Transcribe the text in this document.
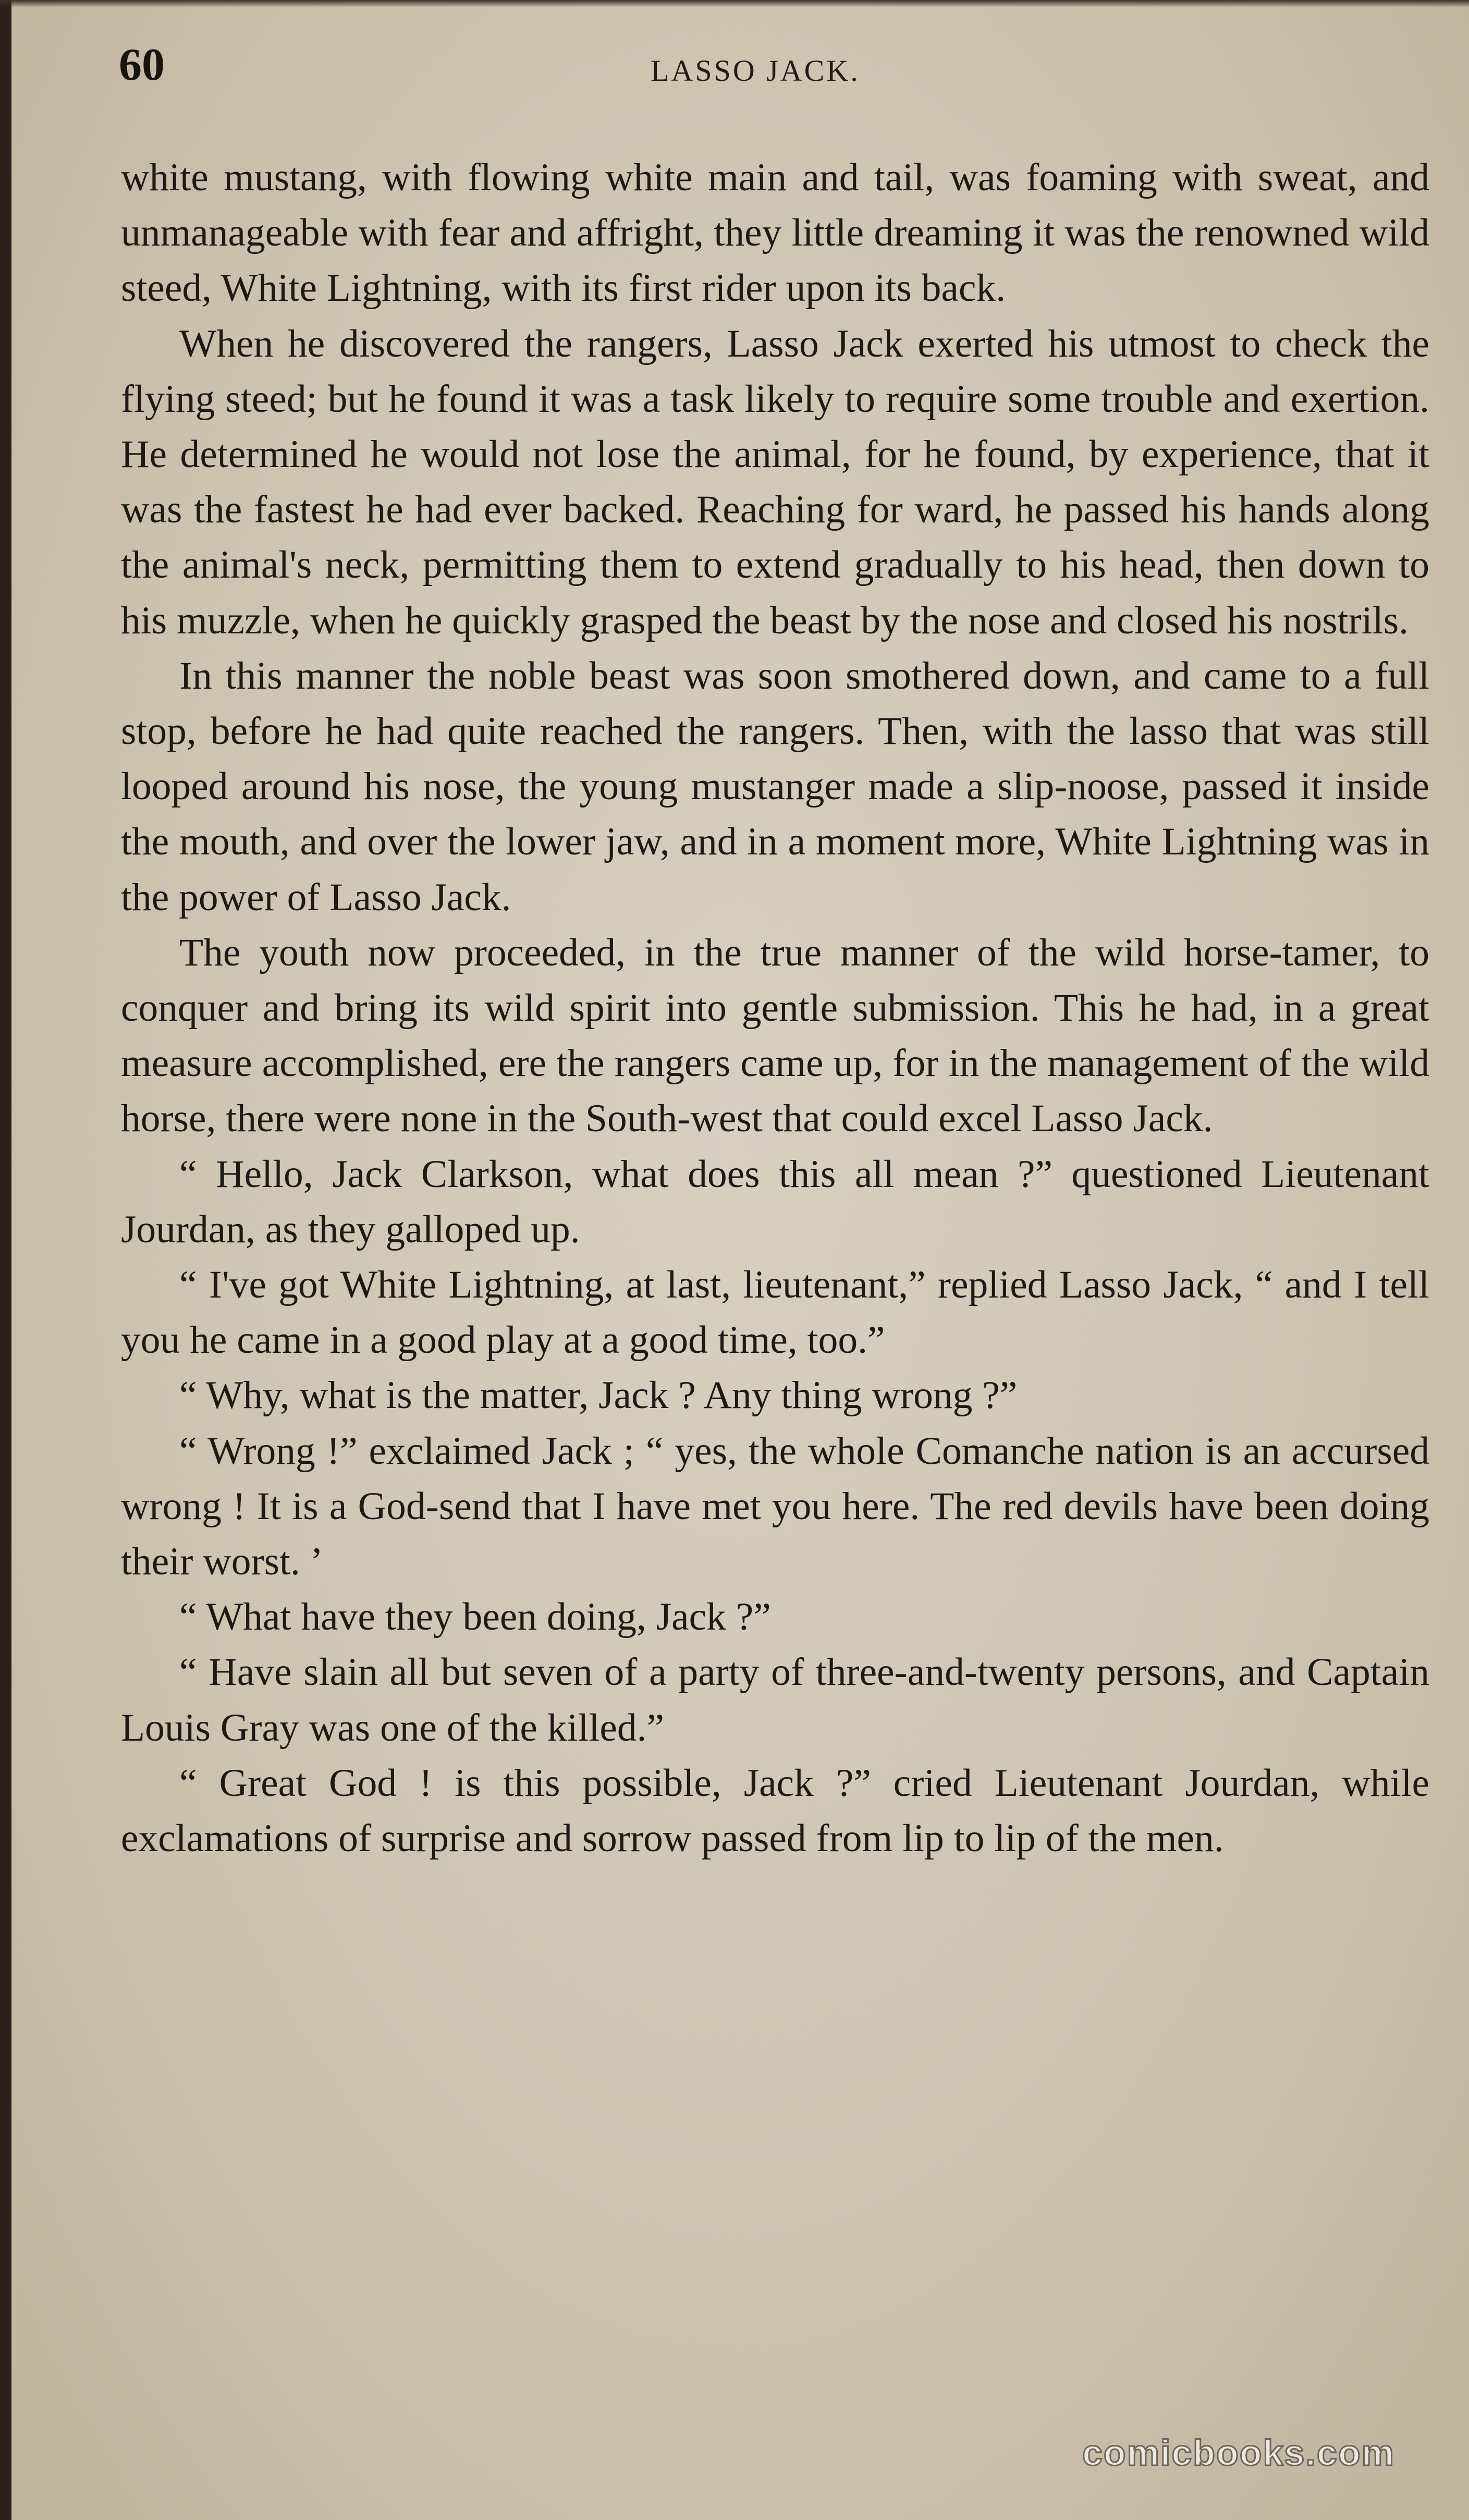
60	LASSO JACK.

white mustang, with flowing white main and tail, was foaming with sweat, and unmanageable with fear and affright, they little dreaming it was the renowned wild steed, White Lightning, with its first rider upon its back.

When he discovered the rangers, Lasso Jack exerted his utmost to check the flying steed; but he found it was a task likely to require some trouble and exertion. He determined he would not lose the animal, for he found, by experience, that it was the fastest he had ever backed. Reaching for ward, he passed his hands along the animal's neck, permitting them to extend gradually to his head, then down to his muzzle, when he quickly grasped the beast by the nose and closed his nostrils.

In this manner the noble beast was soon smothered down, and came to a full stop, before he had quite reached the rangers. Then, with the lasso that was still looped around his nose, the young mustanger made a slip-noose, passed it inside the mouth, and over the lower jaw, and in a moment more, White Lightning was in the power of Lasso Jack.

The youth now proceeded, in the true manner of the wild horse-tamer, to conquer and bring its wild spirit into gentle submission. This he had, in a great measure accomplished, ere the rangers came up, for in the management of the wild horse, there were none in the South-west that could excel Lasso Jack.

“ Hello, Jack Clarkson, what does this all mean ?” questioned Lieutenant Jourdan, as they galloped up.

“ I've got White Lightning, at last, lieutenant,” replied Lasso Jack, “ and I tell you he came in a good play at a good time, too.”

“ Why, what is the matter, Jack ? Any thing wrong ?”

“ Wrong !” exclaimed Jack ; “ yes, the whole Comanche nation is an accursed wrong ! It is a God-send that I have met you here. The red devils have been doing their worst. ’

“ What have they been doing, Jack ?”

“ Have slain all but seven of a party of three-and-twenty persons, and Captain Louis Gray was one of the killed.”

“ Great God ! is this possible, Jack ?” cried Lieutenant Jourdan, while exclamations of surprise and sorrow passed from lip to lip of the men.

comicbooks.com
